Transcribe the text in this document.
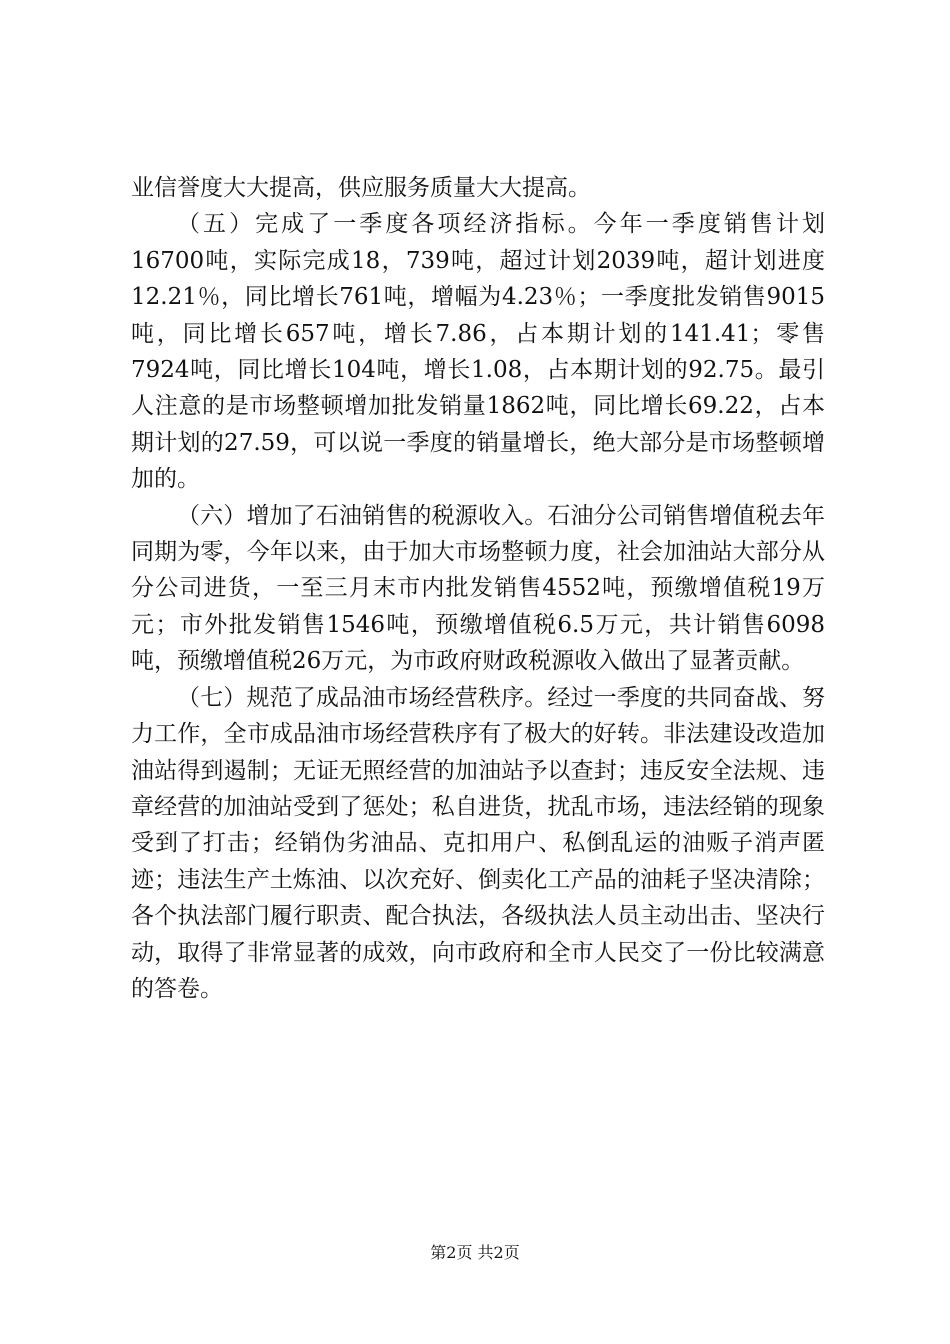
业信誉度大大提高，供应服务质量大大提高。

（五）完成了一季度各项经济指标。今年一季度销售计划16700吨，实际完成18，739吨，超过计划2039吨，超计划进度12.21％，同比增长761吨，增幅为4.23％；一季度批发销售9015吨，同比增长657吨，增长7.86，占本期计划的141.41；零售7924吨，同比增长104吨，增长1.08，占本期计划的92.75。最引人注意的是市场整顿增加批发销量1862吨，同比增长69.22，占本期计划的27.59，可以说一季度的销量增长，绝大部分是市场整顿增加的。

（六）增加了石油销售的税源收入。石油分公司销售增值税去年同期为零，今年以来，由于加大市场整顿力度，社会加油站大部分从分公司进货，一至三月末市内批发销售4552吨，预缴增值税19万元；市外批发销售1546吨，预缴增值税6.5万元，共计销售6098吨，预缴增值税26万元，为市政府财政税源收入做出了显著贡献。

（七）规范了成品油市场经营秩序。经过一季度的共同奋战、努力工作，全市成品油市场经营秩序有了极大的好转。非法建设改造加油站得到遏制；无证无照经营的加油站予以查封；违反安全法规、违章经营的加油站受到了惩处；私自进货，扰乱市场，违法经销的现象受到了打击；经销伪劣油品、克扣用户、私倒乱运的油贩子消声匿迹；违法生产土炼油、以次充好、倒卖化工产品的油耗子坚决清除；各个执法部门履行职责、配合执法，各级执法人员主动出击、坚决行动，取得了非常显著的成效，向市政府和全市人民交了一份比较满意的答卷。

第2页 共2页
